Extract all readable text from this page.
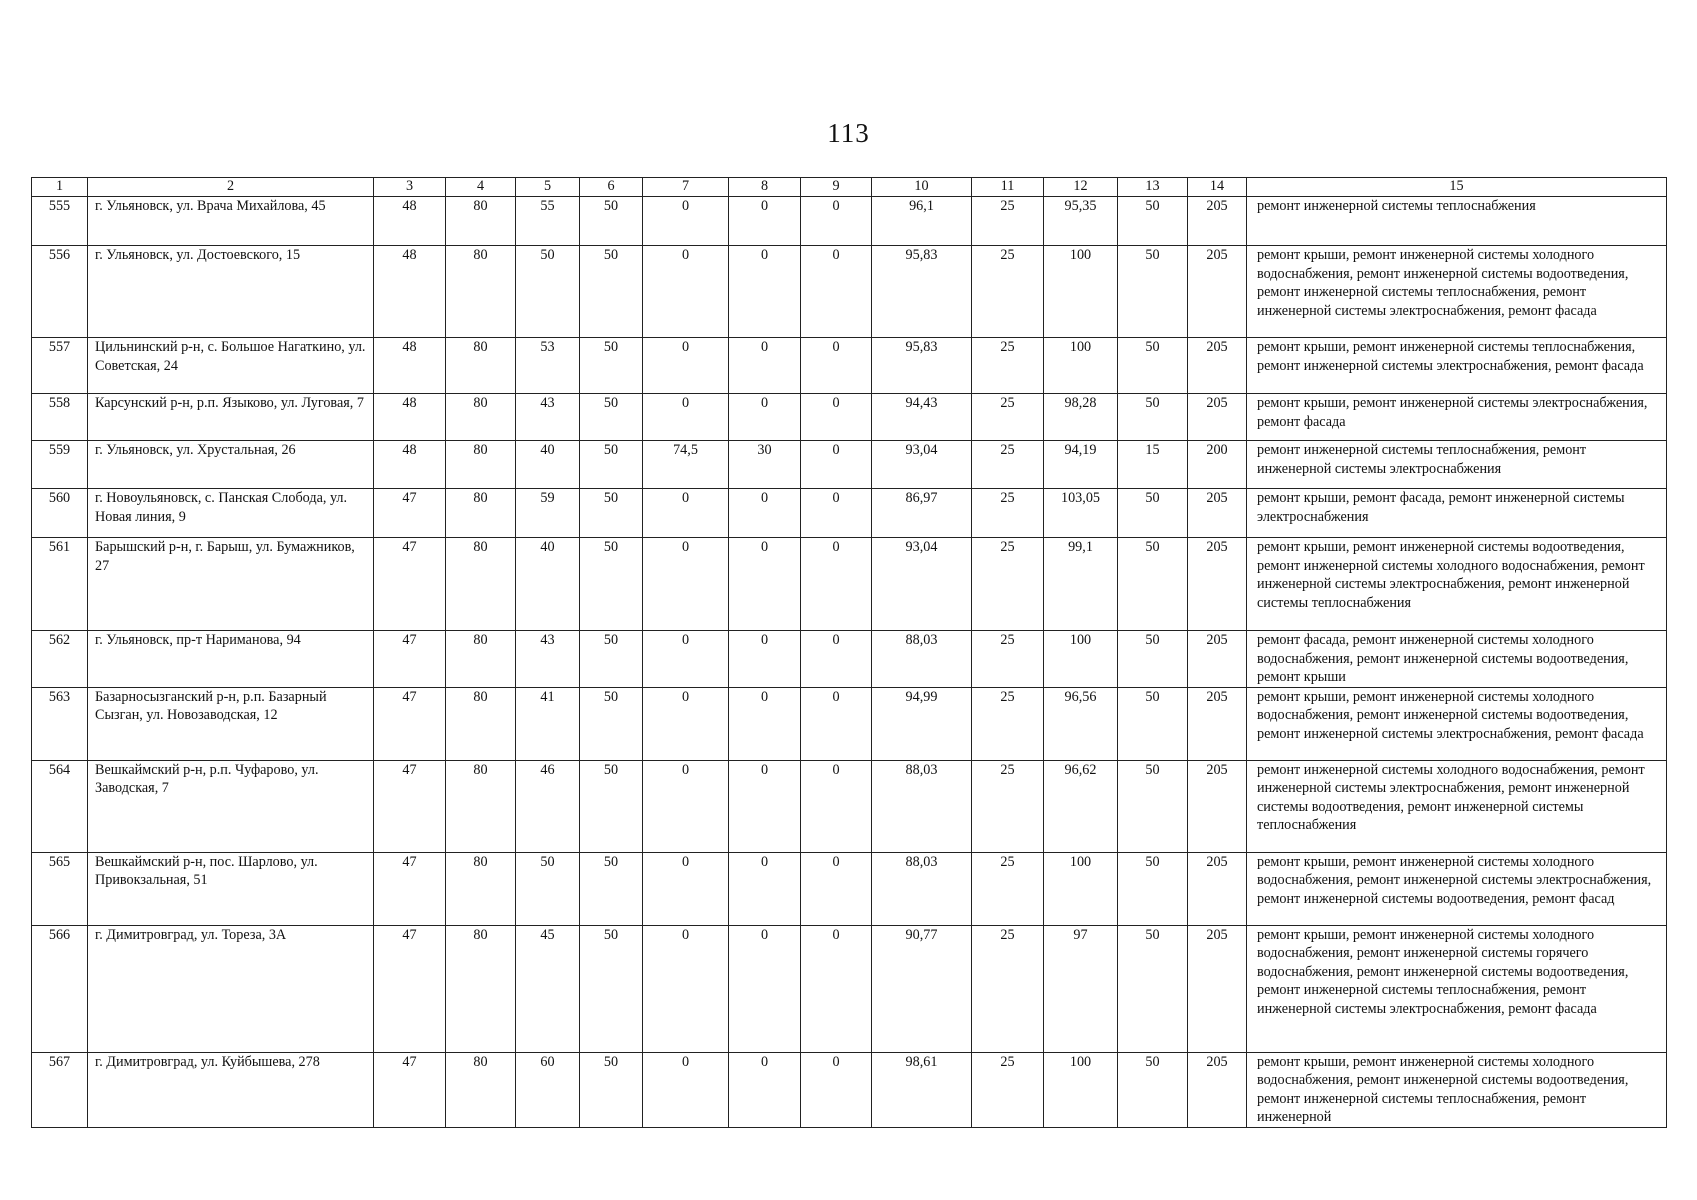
113
1	2	3	4	5	6	7	8	9	10	11	12	13	14	15
555	г. Ульяновск, ул. Врача Михайлова, 45	48	80	55	50	0	0	0	96,1	25	95,35	50	205	ремонт инженерной системы теплоснабжения
556	г. Ульяновск, ул. Достоевского, 15	48	80	50	50	0	0	0	95,83	25	100	50	205	ремонт крыши, ремонт инженерной системы холодного водоснабжения, ремонт инженерной системы водоотведения, ремонт инженерной системы теплоснабжения, ремонт инженерной системы электроснабжения, ремонт фасада
557	Цильнинский р-н, с. Большое Нагаткино, ул. Советская, 24	48	80	53	50	0	0	0	95,83	25	100	50	205	ремонт крыши, ремонт инженерной системы теплоснабжения, ремонт инженерной системы электроснабжения, ремонт фасада
558	Карсунский р-н, р.п. Языково, ул. Луговая, 7	48	80	43	50	0	0	0	94,43	25	98,28	50	205	ремонт крыши, ремонт инженерной системы электроснабжения, ремонт фасада
559	г. Ульяновск, ул. Хрустальная, 26	48	80	40	50	74,5	30	0	93,04	25	94,19	15	200	ремонт инженерной системы теплоснабжения, ремонт инженерной системы электроснабжения
560	г. Новоульяновск, с. Панская Слобода, ул. Новая линия, 9	47	80	59	50	0	0	0	86,97	25	103,05	50	205	ремонт крыши, ремонт фасада, ремонт инженерной системы электроснабжения
561	Барышский р-н, г. Барыш, ул. Бумажников, 27	47	80	40	50	0	0	0	93,04	25	99,1	50	205	ремонт крыши, ремонт инженерной системы водоотведения, ремонт инженерной системы холодного водоснабжения, ремонт инженерной системы электроснабжения, ремонт инженерной системы теплоснабжения
562	г. Ульяновск, пр-т Нариманова, 94	47	80	43	50	0	0	0	88,03	25	100	50	205	ремонт фасада, ремонт инженерной системы холодного водоснабжения, ремонт инженерной системы водоотведения, ремонт крыши
563	Базарносызганский р-н, р.п. Базарный Сызган, ул. Новозаводская, 12	47	80	41	50	0	0	0	94,99	25	96,56	50	205	ремонт крыши, ремонт инженерной системы холодного водоснабжения, ремонт инженерной системы водоотведения, ремонт инженерной системы электроснабжения, ремонт фасада
564	Вешкаймский р-н, р.п. Чуфарово, ул. Заводская, 7	47	80	46	50	0	0	0	88,03	25	96,62	50	205	ремонт инженерной системы холодного водоснабжения, ремонт инженерной системы электроснабжения, ремонт инженерной системы водоотведения, ремонт инженерной системы теплоснабжения
565	Вешкаймский р-н, пос. Шарлово, ул. Привокзальная, 51	47	80	50	50	0	0	0	88,03	25	100	50	205	ремонт крыши, ремонт инженерной системы холодного водоснабжения, ремонт инженерной системы электроснабжения, ремонт инженерной системы водоотведения, ремонт фасад
566	г. Димитровград, ул. Тореза, 3А	47	80	45	50	0	0	0	90,77	25	97	50	205	ремонт крыши, ремонт инженерной системы холодного водоснабжения, ремонт инженерной системы горячего водоснабжения, ремонт инженерной системы водоотведения, ремонт инженерной системы теплоснабжения, ремонт инженерной системы электроснабжения, ремонт фасада
567	г. Димитровград, ул. Куйбышева, 278	47	80	60	50	0	0	0	98,61	25	100	50	205	ремонт крыши, ремонт инженерной системы холодного водоснабжения, ремонт инженерной системы водоотведения, ремонт инженерной системы теплоснабжения, ремонт инженерной
